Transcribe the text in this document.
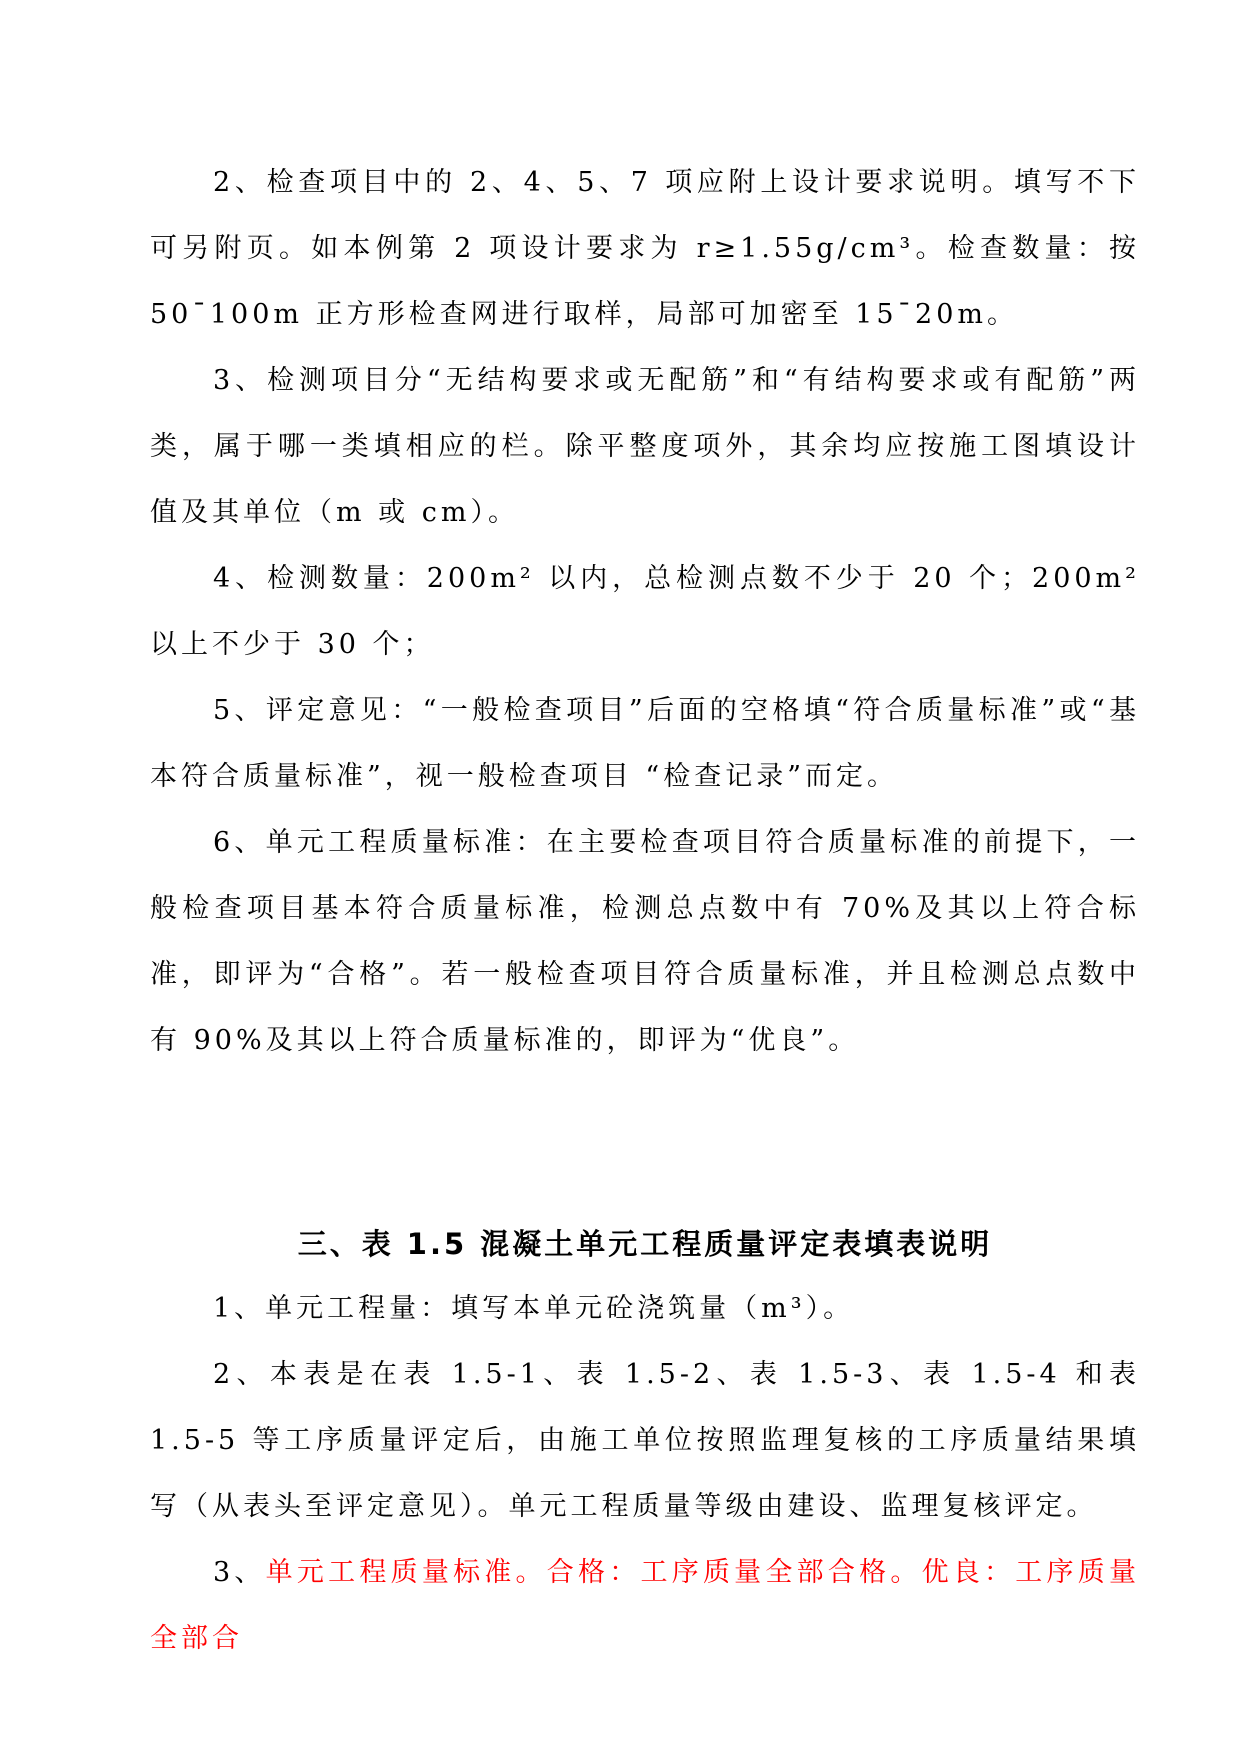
2、检查项目中的 2、4、5、7 项应附上设计要求说明。填写不下可另附页。如本例第 2 项设计要求为 r≥1.55g/cm³。检查数量：按 50¯100m 正方形检查网进行取样，局部可加密至 15¯20m。

3、检测项目分“无结构要求或无配筋”和“有结构要求或有配筋”两类，属于哪一类填相应的栏。除平整度项外，其余均应按施工图填设计值及其单位（m 或 cm）。

4、检测数量：200m² 以内，总检测点数不少于 20 个；200m² 以上不少于 30 个；

5、评定意见：“一般检查项目”后面的空格填“符合质量标准”或“基本符合质量标准”，视一般检查项目 “检查记录”而定。

6、单元工程质量标准：在主要检查项目符合质量标准的前提下，一般检查项目基本符合质量标准，检测总点数中有 70%及其以上符合标准，即评为“合格”。若一般检查项目符合质量标准，并且检测总点数中有 90%及其以上符合质量标准的，即评为“优良”。

三、表 1.5 混凝土单元工程质量评定表填表说明

1、单元工程量：填写本单元砼浇筑量（m³）。

2、本表是在表 1.5-1、表 1.5-2、表 1.5-3、表 1.5-4 和表 1.5-5 等工序质量评定后，由施工单位按照监理复核的工序质量结果填写（从表头至评定意见）。单元工程质量等级由建设、监理复核评定。

3、单元工程质量标准。合格：工序质量全部合格。优良：工序质量全部合
